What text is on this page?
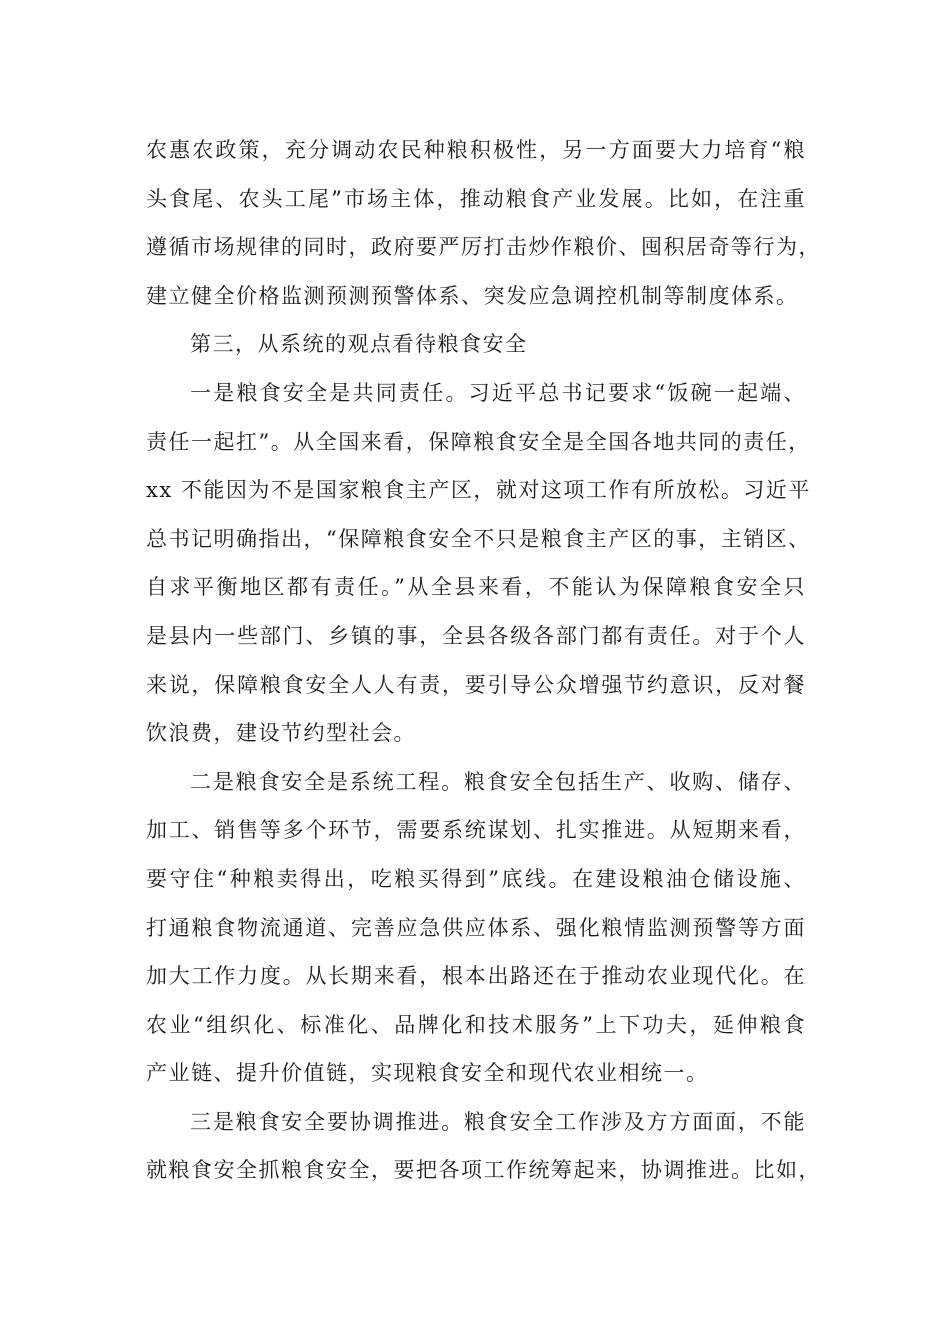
农惠农政策，充分调动农民种粮积极性，另一方面要大力培育“粮
头食尾、农头工尾”市场主体，推动粮食产业发展。比如，在注重
遵循市场规律的同时，政府要严厉打击炒作粮价、囤积居奇等行为，
建立健全价格监测预测预警体系、突发应急调控机制等制度体系。
第三，从系统的观点看待粮食安全
一是粮食安全是共同责任。习近平总书记要求“饭碗一起端、
责任一起扛”。从全国来看，保障粮食安全是全国各地共同的责任，
xx 不能因为不是国家粮食主产区，就对这项工作有所放松。习近平
总书记明确指出，“保障粮食安全不只是粮食主产区的事，主销区、
自求平衡地区都有责任。”从全县来看，不能认为保障粮食安全只
是县内一些部门、乡镇的事，全县各级各部门都有责任。对于个人
来说，保障粮食安全人人有责，要引导公众增强节约意识，反对餐
饮浪费，建设节约型社会。
二是粮食安全是系统工程。粮食安全包括生产、收购、储存、
加工、销售等多个环节，需要系统谋划、扎实推进。从短期来看，
要守住“种粮卖得出，吃粮买得到”底线。在建设粮油仓储设施、
打通粮食物流通道、完善应急供应体系、强化粮情监测预警等方面
加大工作力度。从长期来看，根本出路还在于推动农业现代化。在
农业“组织化、标准化、品牌化和技术服务”上下功夫，延伸粮食
产业链、提升价值链，实现粮食安全和现代农业相统一。
三是粮食安全要协调推进。粮食安全工作涉及方方面面，不能
就粮食安全抓粮食安全，要把各项工作统筹起来，协调推进。比如，
